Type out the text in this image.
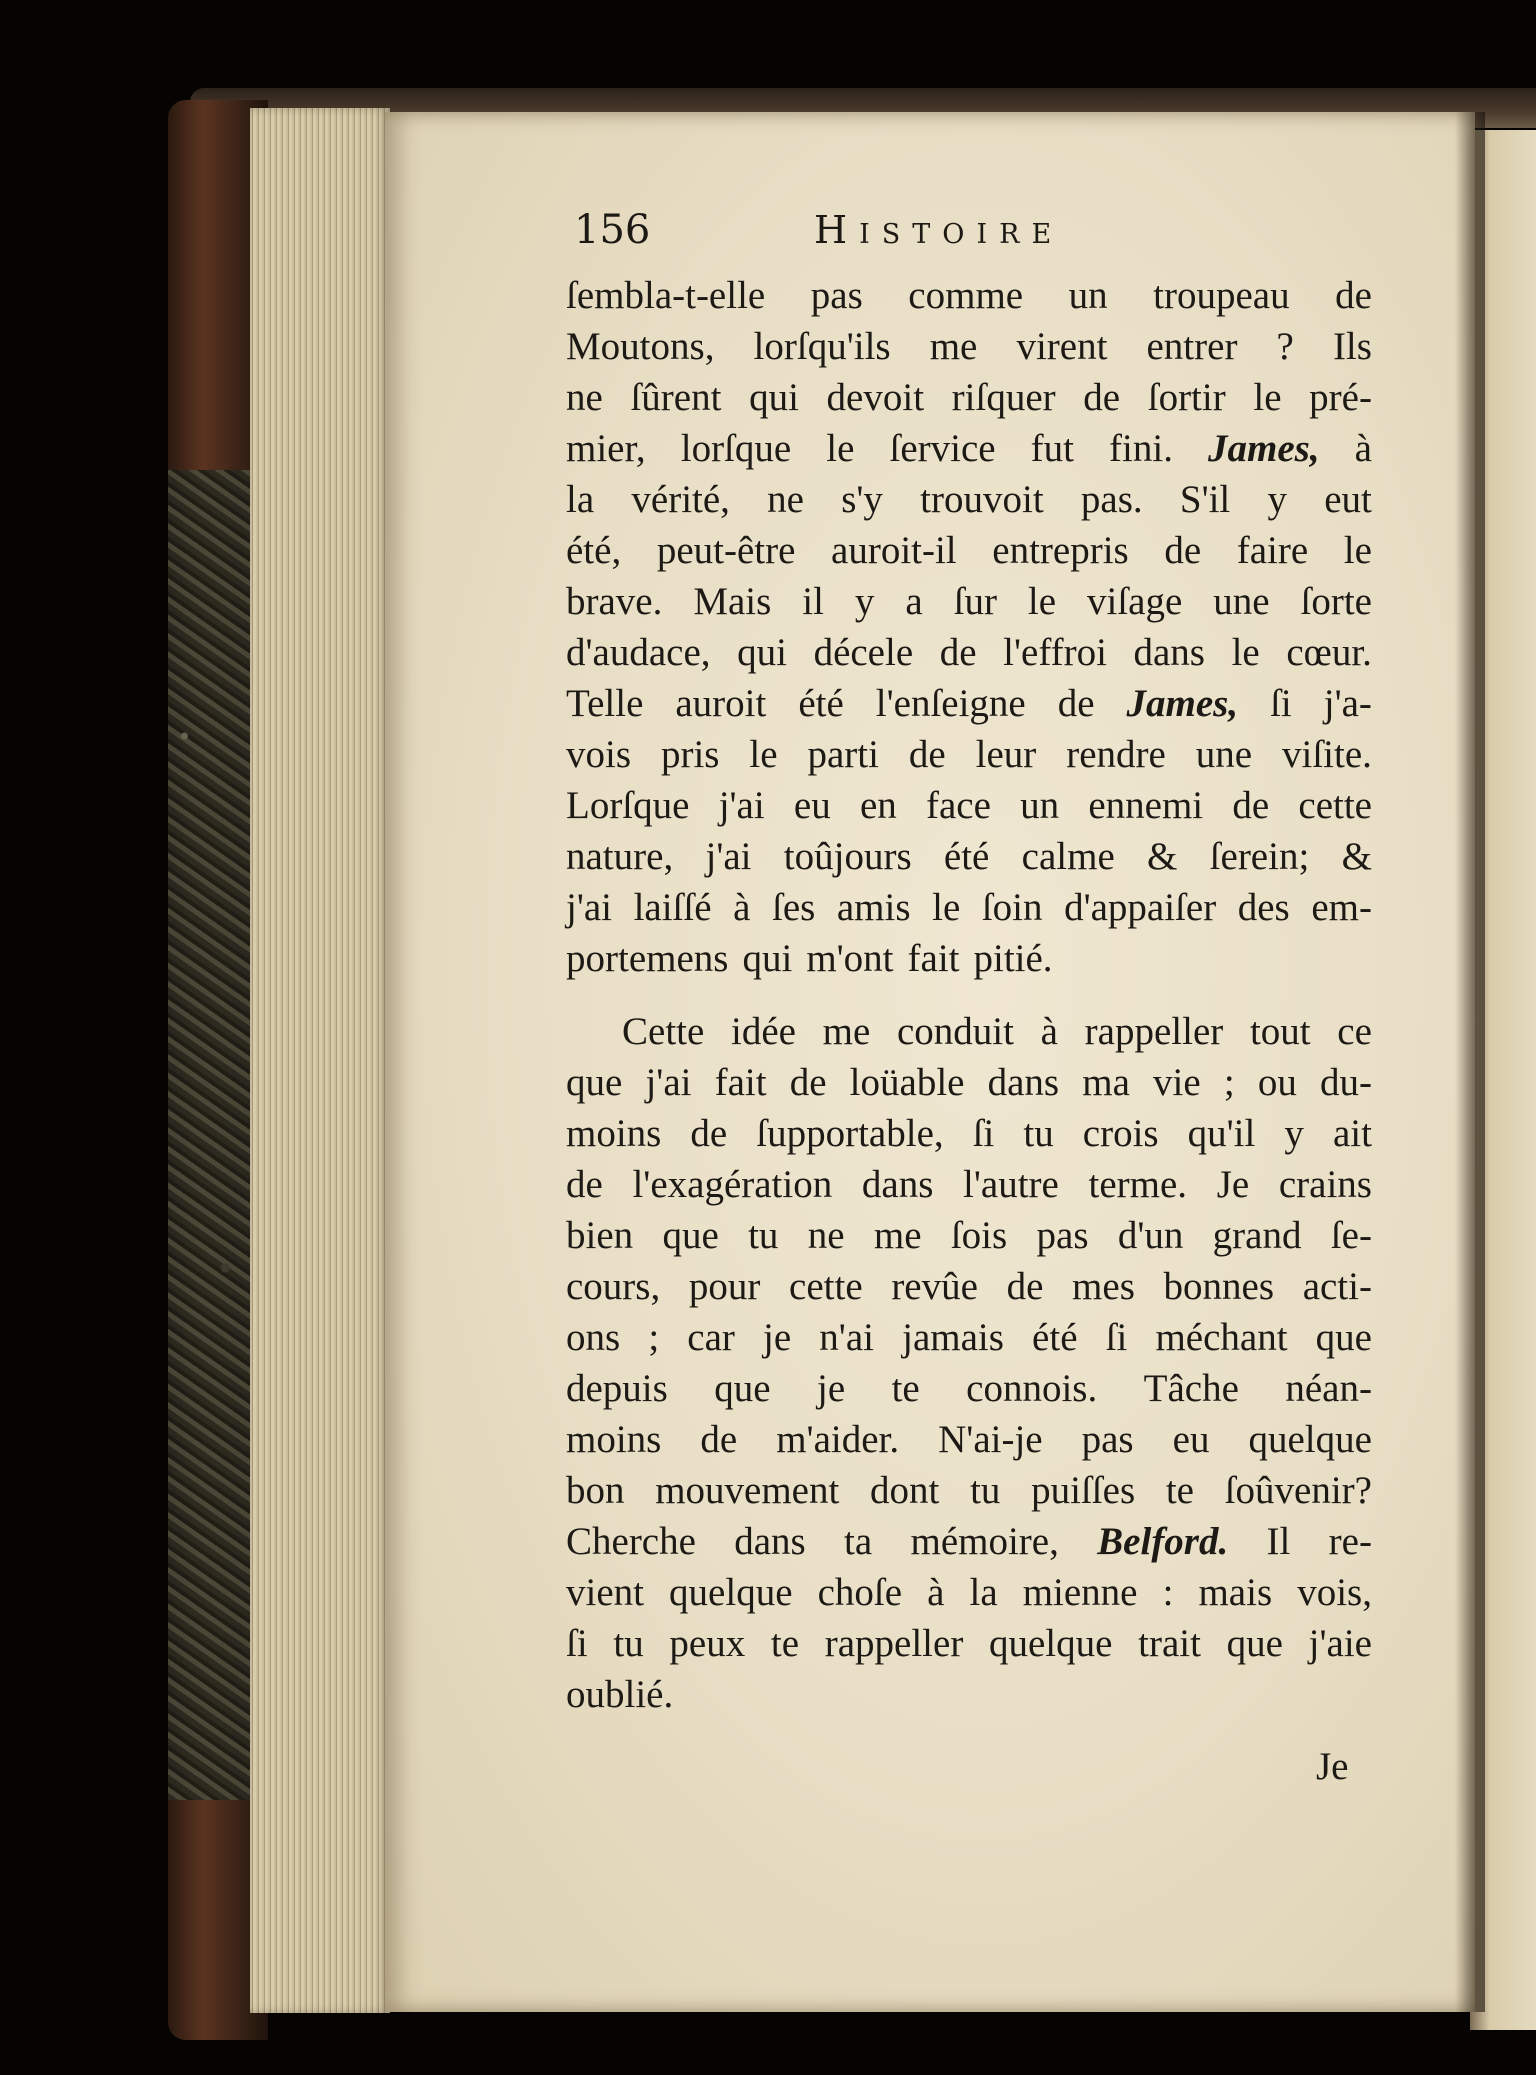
156	Histoire
ſembla-t-elle pas comme un troupeau de
Moutons, lorſqu'ils me virent entrer ? Ils
ne ſûrent qui devoit riſquer de ſortir le pré-
mier, lorſque le ſervice fut fini. James, à
la vérité, ne s'y trouvoit pas. S'il y eut
été, peut-être auroit-il entrepris de faire le
brave. Mais il y a ſur le viſage une ſorte
d'audace, qui décele de l'effroi dans le cœur.
Telle auroit été l'enſeigne de James, ſi j'a-
vois pris le parti de leur rendre une viſite.
Lorſque j'ai eu en face un ennemi de cette
nature, j'ai toûjours été calme & ſerein; &
j'ai laiſſé à ſes amis le ſoin d'appaiſer des em-
portemens qui m'ont fait pitié.
Cette idée me conduit à rappeller tout ce
que j'ai fait de loüable dans ma vie ; ou du-
moins de ſupportable, ſi tu crois qu'il y ait
de l'exagération dans l'autre terme. Je crains
bien que tu ne me ſois pas d'un grand ſe-
cours, pour cette revûe de mes bonnes acti-
ons ; car je n'ai jamais été ſi méchant que
depuis que je te connois. Tâche néan-
moins de m'aider. N'ai-je pas eu quelque
bon mouvement dont tu puiſſes te ſoûvenir?
Cherche dans ta mémoire, Belford. Il re-
vient quelque choſe à la mienne : mais vois,
ſi tu peux te rappeller quelque trait que j'aie
oublié.
Je
